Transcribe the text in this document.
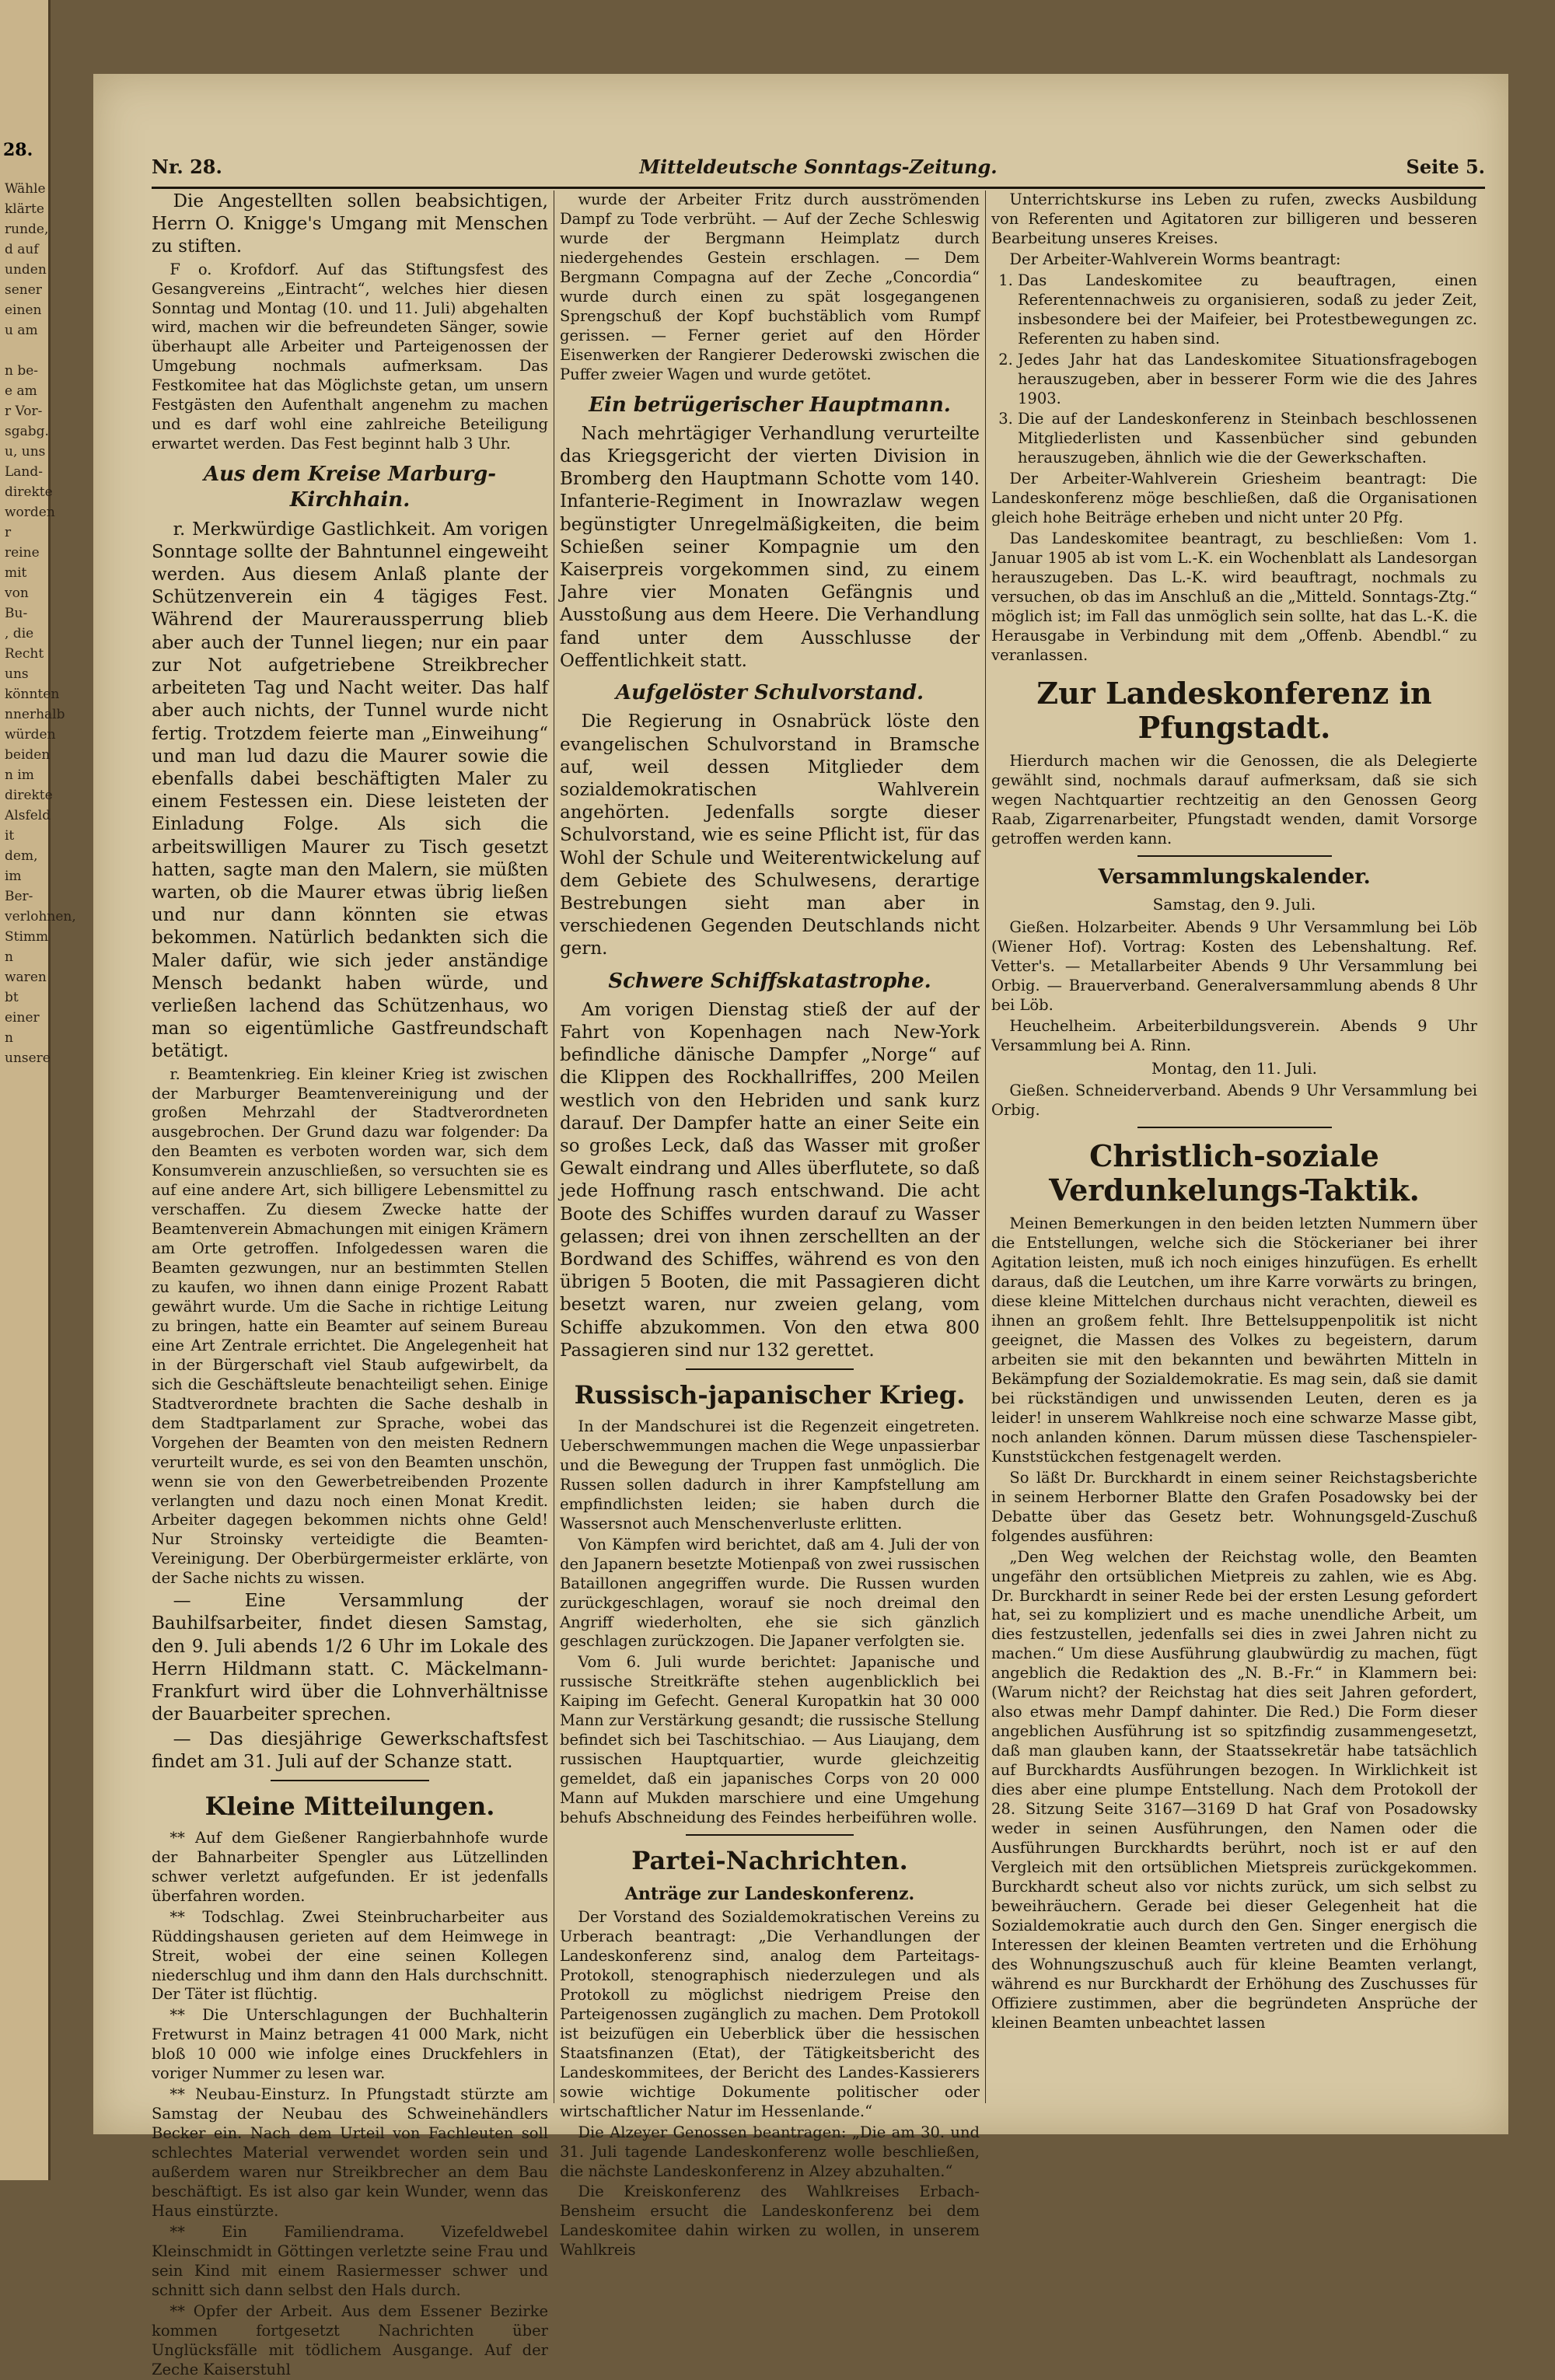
28.
Wähle
klärte
runde,
d auf
unden
sener
einen
u am

n be-
e am
r Vor-
sgabg.
u, uns
Land-
direkte
worden
r reine
mit
von Bu-
, die
Recht
uns
könnten
nnerhalb
würden
beiden
n im
direkte
Alsfeld
it dem,
im Ber-
verlohnen,
Stimm
n waren
bt einer
n unsere
Nr. 28.	Mitteldeutsche Sonntags-Zeitung.	Seite 5.

Die Angestellten sollen beabsichtigen, Herrn O. Knigge's Umgang mit Menschen zu stiften.

F o. Krofdorf. Auf das Stiftungsfest des Gesangvereins „Eintracht“, welches hier diesen Sonntag und Montag (10. und 11. Juli) abgehalten wird, machen wir die befreundeten Sänger, sowie überhaupt alle Arbeiter und Parteigenossen der Umgebung nochmals aufmerksam. Das Festkomitee hat das Möglichste getan, um unsern Festgästen den Aufenthalt angenehm zu machen und es darf wohl eine zahlreiche Beteiligung erwartet werden. Das Fest beginnt halb 3 Uhr.

Aus dem Kreise Marburg-Kirchhain.

r. Merkwürdige Gastlichkeit. Am vorigen Sonntage sollte der Bahntunnel eingeweiht werden. Aus diesem Anlaß plante der Schützenverein ein 4 tägiges Fest. Während der Maureraussperrung blieb aber auch der Tunnel liegen; nur ein paar zur Not aufgetriebene Streikbrecher arbeiteten Tag und Nacht weiter. Das half aber auch nichts, der Tunnel wurde nicht fertig. Trotzdem feierte man „Einweihung“ und man lud dazu die Maurer sowie die ebenfalls dabei beschäftigten Maler zu einem Festessen ein. Diese leisteten der Einladung Folge. Als sich die arbeitswilligen Maurer zu Tisch gesetzt hatten, sagte man den Malern, sie müßten warten, ob die Maurer etwas übrig ließen und nur dann könnten sie etwas bekommen. Natürlich bedankten sich die Maler dafür, wie sich jeder anständige Mensch bedankt haben würde, und verließen lachend das Schützenhaus, wo man so eigentümliche Gastfreundschaft betätigt.

r. Beamtenkrieg. Ein kleiner Krieg ist zwischen der Marburger Beamtenvereinigung und der großen Mehrzahl der Stadtverordneten ausgebrochen. Der Grund dazu war folgender: Da den Beamten es verboten worden war, sich dem Konsumverein anzuschließen, so versuchten sie es auf eine andere Art, sich billigere Lebensmittel zu verschaffen. Zu diesem Zwecke hatte der Beamtenverein Abmachungen mit einigen Krämern am Orte getroffen. Infolgedessen waren die Beamten gezwungen, nur an bestimmten Stellen zu kaufen, wo ihnen dann einige Prozent Rabatt gewährt wurde. Um die Sache in richtige Leitung zu bringen, hatte ein Beamter auf seinem Bureau eine Art Zentrale errichtet. Die Angelegenheit hat in der Bürgerschaft viel Staub aufgewirbelt, da sich die Geschäftsleute benachteiligt sehen. Einige Stadtverordnete brachten die Sache deshalb in dem Stadtparlament zur Sprache, wobei das Vorgehen der Beamten von den meisten Rednern verurteilt wurde, es sei von den Beamten unschön, wenn sie von den Gewerbetreibenden Prozente verlangten und dazu noch einen Monat Kredit. Arbeiter dagegen bekommen nichts ohne Geld! Nur Stroinsky verteidigte die Beamten-Vereinigung. Der Oberbürgermeister erklärte, von der Sache nichts zu wissen.

— Eine Versammlung der Bauhilfsarbeiter, findet diesen Samstag, den 9. Juli abends 1/2 6 Uhr im Lokale des Herrn Hildmann statt. C. Mäckelmann-Frankfurt wird über die Lohnverhältnisse der Bauarbeiter sprechen.

— Das diesjährige Gewerkschaftsfest findet am 31. Juli auf der Schanze statt.

Kleine Mitteilungen.

** Auf dem Gießener Rangierbahnhofe wurde der Bahnarbeiter Spengler aus Lützellinden schwer verletzt aufgefunden. Er ist jedenfalls überfahren worden.

** Todschlag. Zwei Steinbrucharbeiter aus Rüddingshausen gerieten auf dem Heimwege in Streit, wobei der eine seinen Kollegen niederschlug und ihm dann den Hals durchschnitt. Der Täter ist flüchtig.

** Die Unterschlagungen der Buchhalterin Fretwurst in Mainz betragen 41 000 Mark, nicht bloß 10 000 wie infolge eines Druckfehlers in voriger Nummer zu lesen war.

** Neubau-Einsturz. In Pfungstadt stürzte am Samstag der Neubau des Schweinehändlers Becker ein. Nach dem Urteil von Fachleuten soll schlechtes Material verwendet worden sein und außerdem waren nur Streikbrecher an dem Bau beschäftigt. Es ist also gar kein Wunder, wenn das Haus einstürzte.

** Ein Familiendrama. Vizefeldwebel Kleinschmidt in Göttingen verletzte seine Frau und sein Kind mit einem Rasiermesser schwer und schnitt sich dann selbst den Hals durch.

** Opfer der Arbeit. Aus dem Essener Bezirke kommen fortgesetzt Nachrichten über Unglücksfälle mit tödlichem Ausgange. Auf der Zeche Kaiserstuhl

wurde der Arbeiter Fritz durch ausströmenden Dampf zu Tode verbrüht. — Auf der Zeche Schleswig wurde der Bergmann Heimplatz durch niedergehendes Gestein erschlagen. — Dem Bergmann Compagna auf der Zeche „Concordia“ wurde durch einen zu spät losgegangenen Sprengschuß der Kopf buchstäblich vom Rumpf gerissen. — Ferner geriet auf den Hörder Eisenwerken der Rangierer Dederowski zwischen die Puffer zweier Wagen und wurde getötet.

Ein betrügerischer Hauptmann.

Nach mehrtägiger Verhandlung verurteilte das Kriegsgericht der vierten Division in Bromberg den Hauptmann Schotte vom 140. Infanterie-Regiment in Inowrazlaw wegen begünstigter Unregelmäßigkeiten, die beim Schießen seiner Kompagnie um den Kaiserpreis vorgekommen sind, zu einem Jahre vier Monaten Gefängnis und Ausstoßung aus dem Heere. Die Verhandlung fand unter dem Ausschlusse der Oeffentlichkeit statt.

Aufgelöster Schulvorstand.

Die Regierung in Osnabrück löste den evangelischen Schulvorstand in Bramsche auf, weil dessen Mitglieder dem sozialdemokratischen Wahlverein angehörten. Jedenfalls sorgte dieser Schulvorstand, wie es seine Pflicht ist, für das Wohl der Schule und Weiterentwickelung auf dem Gebiete des Schulwesens, derartige Bestrebungen sieht man aber in verschiedenen Gegenden Deutschlands nicht gern.

Schwere Schiffskatastrophe.

Am vorigen Dienstag stieß der auf der Fahrt von Kopenhagen nach New-York befindliche dänische Dampfer „Norge“ auf die Klippen des Rockhallriffes, 200 Meilen westlich von den Hebriden und sank kurz darauf. Der Dampfer hatte an einer Seite ein so großes Leck, daß das Wasser mit großer Gewalt eindrang und Alles überflutete, so daß jede Hoffnung rasch entschwand. Die acht Boote des Schiffes wurden darauf zu Wasser gelassen; drei von ihnen zerschellten an der Bordwand des Schiffes, während es von den übrigen 5 Booten, die mit Passagieren dicht besetzt waren, nur zweien gelang, vom Schiffe abzukommen. Von den etwa 800 Passagieren sind nur 132 gerettet.

Russisch-japanischer Krieg.

In der Mandschurei ist die Regenzeit eingetreten. Ueberschwemmungen machen die Wege unpassierbar und die Bewegung der Truppen fast unmöglich. Die Russen sollen dadurch in ihrer Kampfstellung am empfindlichsten leiden; sie haben durch die Wassersnot auch Menschenverluste erlitten.

Von Kämpfen wird berichtet, daß am 4. Juli der von den Japanern besetzte Motienpaß von zwei russischen Bataillonen angegriffen wurde. Die Russen wurden zurückgeschlagen, worauf sie noch dreimal den Angriff wiederholten, ehe sie sich gänzlich geschlagen zurückzogen. Die Japaner verfolgten sie.

Vom 6. Juli wurde berichtet: Japanische und russische Streitkräfte stehen augenblicklich bei Kaiping im Gefecht. General Kuropatkin hat 30 000 Mann zur Verstärkung gesandt; die russische Stellung befindet sich bei Taschitschiao. — Aus Liaujang, dem russischen Hauptquartier, wurde gleichzeitig gemeldet, daß ein japanisches Corps von 20 000 Mann auf Mukden marschiere und eine Umgehung behufs Abschneidung des Feindes herbeiführen wolle.

Partei-Nachrichten.
Anträge zur Landeskonferenz.

Der Vorstand des Sozialdemokratischen Vereins zu Urberach beantragt: „Die Verhandlungen der Landeskonferenz sind, analog dem Parteitags-Protokoll, stenographisch niederzulegen und als Protokoll zu möglichst niedrigem Preise den Parteigenossen zugänglich zu machen. Dem Protokoll ist beizufügen ein Ueberblick über die hessischen Staatsfinanzen (Etat), der Tätigkeitsbericht des Landeskommitees, der Bericht des Landes-Kassierers sowie wichtige Dokumente politischer oder wirtschaftlicher Natur im Hessenlande.“

Die Alzeyer Genossen beantragen: „Die am 30. und 31. Juli tagende Landeskonferenz wolle beschließen, die nächste Landeskonferenz in Alzey abzuhalten.“

Die Kreiskonferenz des Wahlkreises Erbach-Bensheim ersucht die Landeskonferenz bei dem Landeskomitee dahin wirken zu wollen, in unserem Wahlkreis

Unterrichtskurse ins Leben zu rufen, zwecks Ausbildung von Referenten und Agitatoren zur billigeren und besseren Bearbeitung unseres Kreises.

Der Arbeiter-Wahlverein Worms beantragt:

1. Das Landeskomitee zu beauftragen, einen Referentennachweis zu organisieren, sodaß zu jeder Zeit, insbesondere bei der Maifeier, bei Protestbewegungen zc. Referenten zu haben sind.
2. Jedes Jahr hat das Landeskomitee Situationsfragebogen herauszugeben, aber in besserer Form wie die des Jahres 1903.
3. Die auf der Landeskonferenz in Steinbach beschlossenen Mitgliederlisten und Kassenbücher sind gebunden herauszugeben, ähnlich wie die der Gewerkschaften.

Der Arbeiter-Wahlverein Griesheim beantragt: Die Landeskonferenz möge beschließen, daß die Organisationen gleich hohe Beiträge erheben und nicht unter 20 Pfg.

Das Landeskomitee beantragt, zu beschließen: Vom 1. Januar 1905 ab ist vom L.-K. ein Wochenblatt als Landesorgan herauszugeben. Das L.-K. wird beauftragt, nochmals zu versuchen, ob das im Anschluß an die „Mitteld. Sonntags-Ztg.“ möglich ist; im Fall das unmöglich sein sollte, hat das L.-K. die Herausgabe in Verbindung mit dem „Offenb. Abendbl.“ zu veranlassen.

Zur Landeskonferenz in Pfungstadt.

Hierdurch machen wir die Genossen, die als Delegierte gewählt sind, nochmals darauf aufmerksam, daß sie sich wegen Nachtquartier rechtzeitig an den Genossen Georg Raab, Zigarrenarbeiter, Pfungstadt wenden, damit Vorsorge getroffen werden kann.

Versammlungskalender.
Samstag, den 9. Juli.

Gießen. Holzarbeiter. Abends 9 Uhr Versammlung bei Löb (Wiener Hof). Vortrag: Kosten des Lebenshaltung. Ref. Vetter's. — Metallarbeiter Abends 9 Uhr Versammlung bei Orbig. — Brauerverband. Generalversammlung abends 8 Uhr bei Löb.

Heuchelheim. Arbeiterbildungsverein. Abends 9 Uhr Versammlung bei A. Rinn.

Montag, den 11. Juli.

Gießen. Schneiderverband. Abends 9 Uhr Versammlung bei Orbig.

Christlich-soziale Verdunkelungs-Taktik.

Meinen Bemerkungen in den beiden letzten Nummern über die Entstellungen, welche sich die Stöckerianer bei ihrer Agitation leisten, muß ich noch einiges hinzufügen. Es erhellt daraus, daß die Leutchen, um ihre Karre vorwärts zu bringen, diese kleine Mittelchen durchaus nicht verachten, dieweil es ihnen an großem fehlt. Ihre Bettelsuppenpolitik ist nicht geeignet, die Massen des Volkes zu begeistern, darum arbeiten sie mit den bekannten und bewährten Mitteln in Bekämpfung der Sozialdemokratie. Es mag sein, daß sie damit bei rückständigen und unwissenden Leuten, deren es ja leider! in unserem Wahlkreise noch eine schwarze Masse gibt, noch anlanden können. Darum müssen diese Taschenspieler-Kunststückchen festgenagelt werden.

So läßt Dr. Burckhardt in einem seiner Reichstagsberichte in seinem Herborner Blatte den Grafen Posadowsky bei der Debatte über das Gesetz betr. Wohnungsgeld-Zuschuß folgendes ausführen:

„Den Weg welchen der Reichstag wolle, den Beamten ungefähr den ortsüblichen Mietpreis zu zahlen, wie es Abg. Dr. Burckhardt in seiner Rede bei der ersten Lesung gefordert hat, sei zu kompliziert und es mache unendliche Arbeit, um dies festzustellen, jedenfalls sei dies in zwei Jahren nicht zu machen.“ Um diese Ausführung glaubwürdig zu machen, fügt angeblich die Redaktion des „N. B.-Fr.“ in Klammern bei: (Warum nicht? der Reichstag hat dies seit Jahren gefordert, also etwas mehr Dampf dahinter. Die Red.) Die Form dieser angeblichen Ausführung ist so spitzfindig zusammengesetzt, daß man glauben kann, der Staatssekretär habe tatsächlich auf Burckhardts Ausführungen bezogen. In Wirklichkeit ist dies aber eine plumpe Entstellung. Nach dem Protokoll der 28. Sitzung Seite 3167—3169 D hat Graf von Posadowsky weder in seinen Ausführungen, den Namen oder die Ausführungen Burckhardts berührt, noch ist er auf den Vergleich mit den ortsüblichen Mietspreis zurückgekommen. Burckhardt scheut also vor nichts zurück, um sich selbst zu beweihräuchern. Gerade bei dieser Gelegenheit hat die Sozialdemokratie auch durch den Gen. Singer energisch die Interessen der kleinen Beamten vertreten und die Erhöhung des Wohnungszuschuß auch für kleine Beamten verlangt, während es nur Burckhardt der Erhöhung des Zuschusses für Offiziere zustimmen, aber die begründeten Ansprüche der kleinen Beamten unbeachtet lassen
